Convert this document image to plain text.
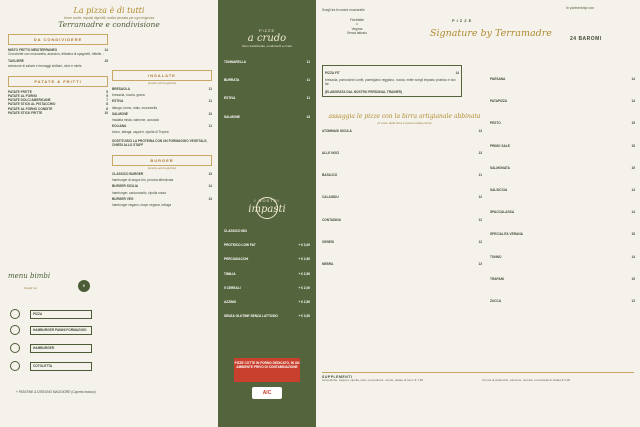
La pizza è di tutti
forme scelte, impasti digeribili, scelta pensata per ogni esigenza
Terramadre e condivisione
DA CONDIVIDERE
MISTO FRITTO MEDITERRANEO	14
Crocchette con mozzarella, arancino, frittatina di spaghetti, frittelle...
TAGLIERE	15
selezione di salumi e formaggi siciliani, olive e miele
PATATE & FRITTI
PATATE FRITTE	5
PATATE AL FORNO	5
PATATE DOLCI AMERICANE	7
PATATE STICK AL PISTACCHIO	8
PATATE AL FORNO CONDITE	6
PATATE STICK FRITTE	10
menu bimbi
€
Scegli tra:
PIZZA
HAMBURGER PANINI FORMAGGIO
HAMBURGER
COTOLETTA
+ PATATINE & DISEGNO MAGGIORE (Coperto incluso)
INSALATE
(scelte senza glutine)
BRESAOLA	11
bresaola, rucola, grana
ESTIVA	11
lattuga, tonno, mais, mozzarella
SALMONE	13
insalata mista, salmone, avocado
EOLIANA	11
tonno, lattuga, capperi, cipolla di Tropea
SOSTITUISCI LA PROTEINA CON UN FORMAGGIO VEGETALE, CHIEDI ALLO STAFF
BURGER
(scelta senza glutine)
CLASSICO BURGER	13
hamburger di angus bio, provola affumicata
BURGER SICILIA	14
hamburger, caciocavallo, cipolla rossa
BURGER VEG	13
hamburger vegano, mayo vegana, lattuga
PIZZE
a crudo
forno tradizionale, condimenti a crudo
TONNARELLA	11
BURRATA	11
ESTIVA	11
SALMONE	13
I NOSTRI
impasti
CLASSICO BIO
PROTEICO LOW FAT	+ € 3,00
PERCIASACCHI	+ € 2,50
TIMILIA	+ € 2,50
5 CEREALI	+ € 2,00
AZZIMO	+ € 2,50
SENZA GLUTINE SENZA LATTOSIO	+ € 3,50
PIZZE COTTE IN FORNO DEDICATO, IN UN AMBIENTE PRIVO DI CONTAMINAZIONE
AIC
Scegli tra le nostre mozzarelle
Fiordilatte
o
Vegana
Senza lattosio
PIZZA FIT	14
bresaola, pomodorini confit, parmigiano reggiano, rucola, miele scegli impasto proteico e low fat
(ELABORATA DAL NOSTRO PERSONAL TRAINER)
assaggia le pizze con la birra artigianale abbinata
(Il costo della birra è escluso dalle pizze)
ATOMMASI SICULA	13
ALLE NOCI	13
BASILICO	11
CALAIDDU	12
CONTADINA	12
GENESI	12
NEBRA	13
PIZZE
Signature by Terramadre
In partnership con
24 BAROMI
PAESANA	14
PATAPIZZA	14
PESTO	15
PRIMO SALE	15
SALMONATA	15
SALSICCIA	14
SPACCALASSA	14
SPECIALITA VERANA	15
TONNO	14
TRAPANI	15
ZUCCA	13
SUPPLEMENTI
Aromatiche, capperi, cipolla, olive, pomodorini, rucola, patate al forno € 1,50	Crema di pistacchio, salmone, burrata, mozzarella di bufala € 3,00
